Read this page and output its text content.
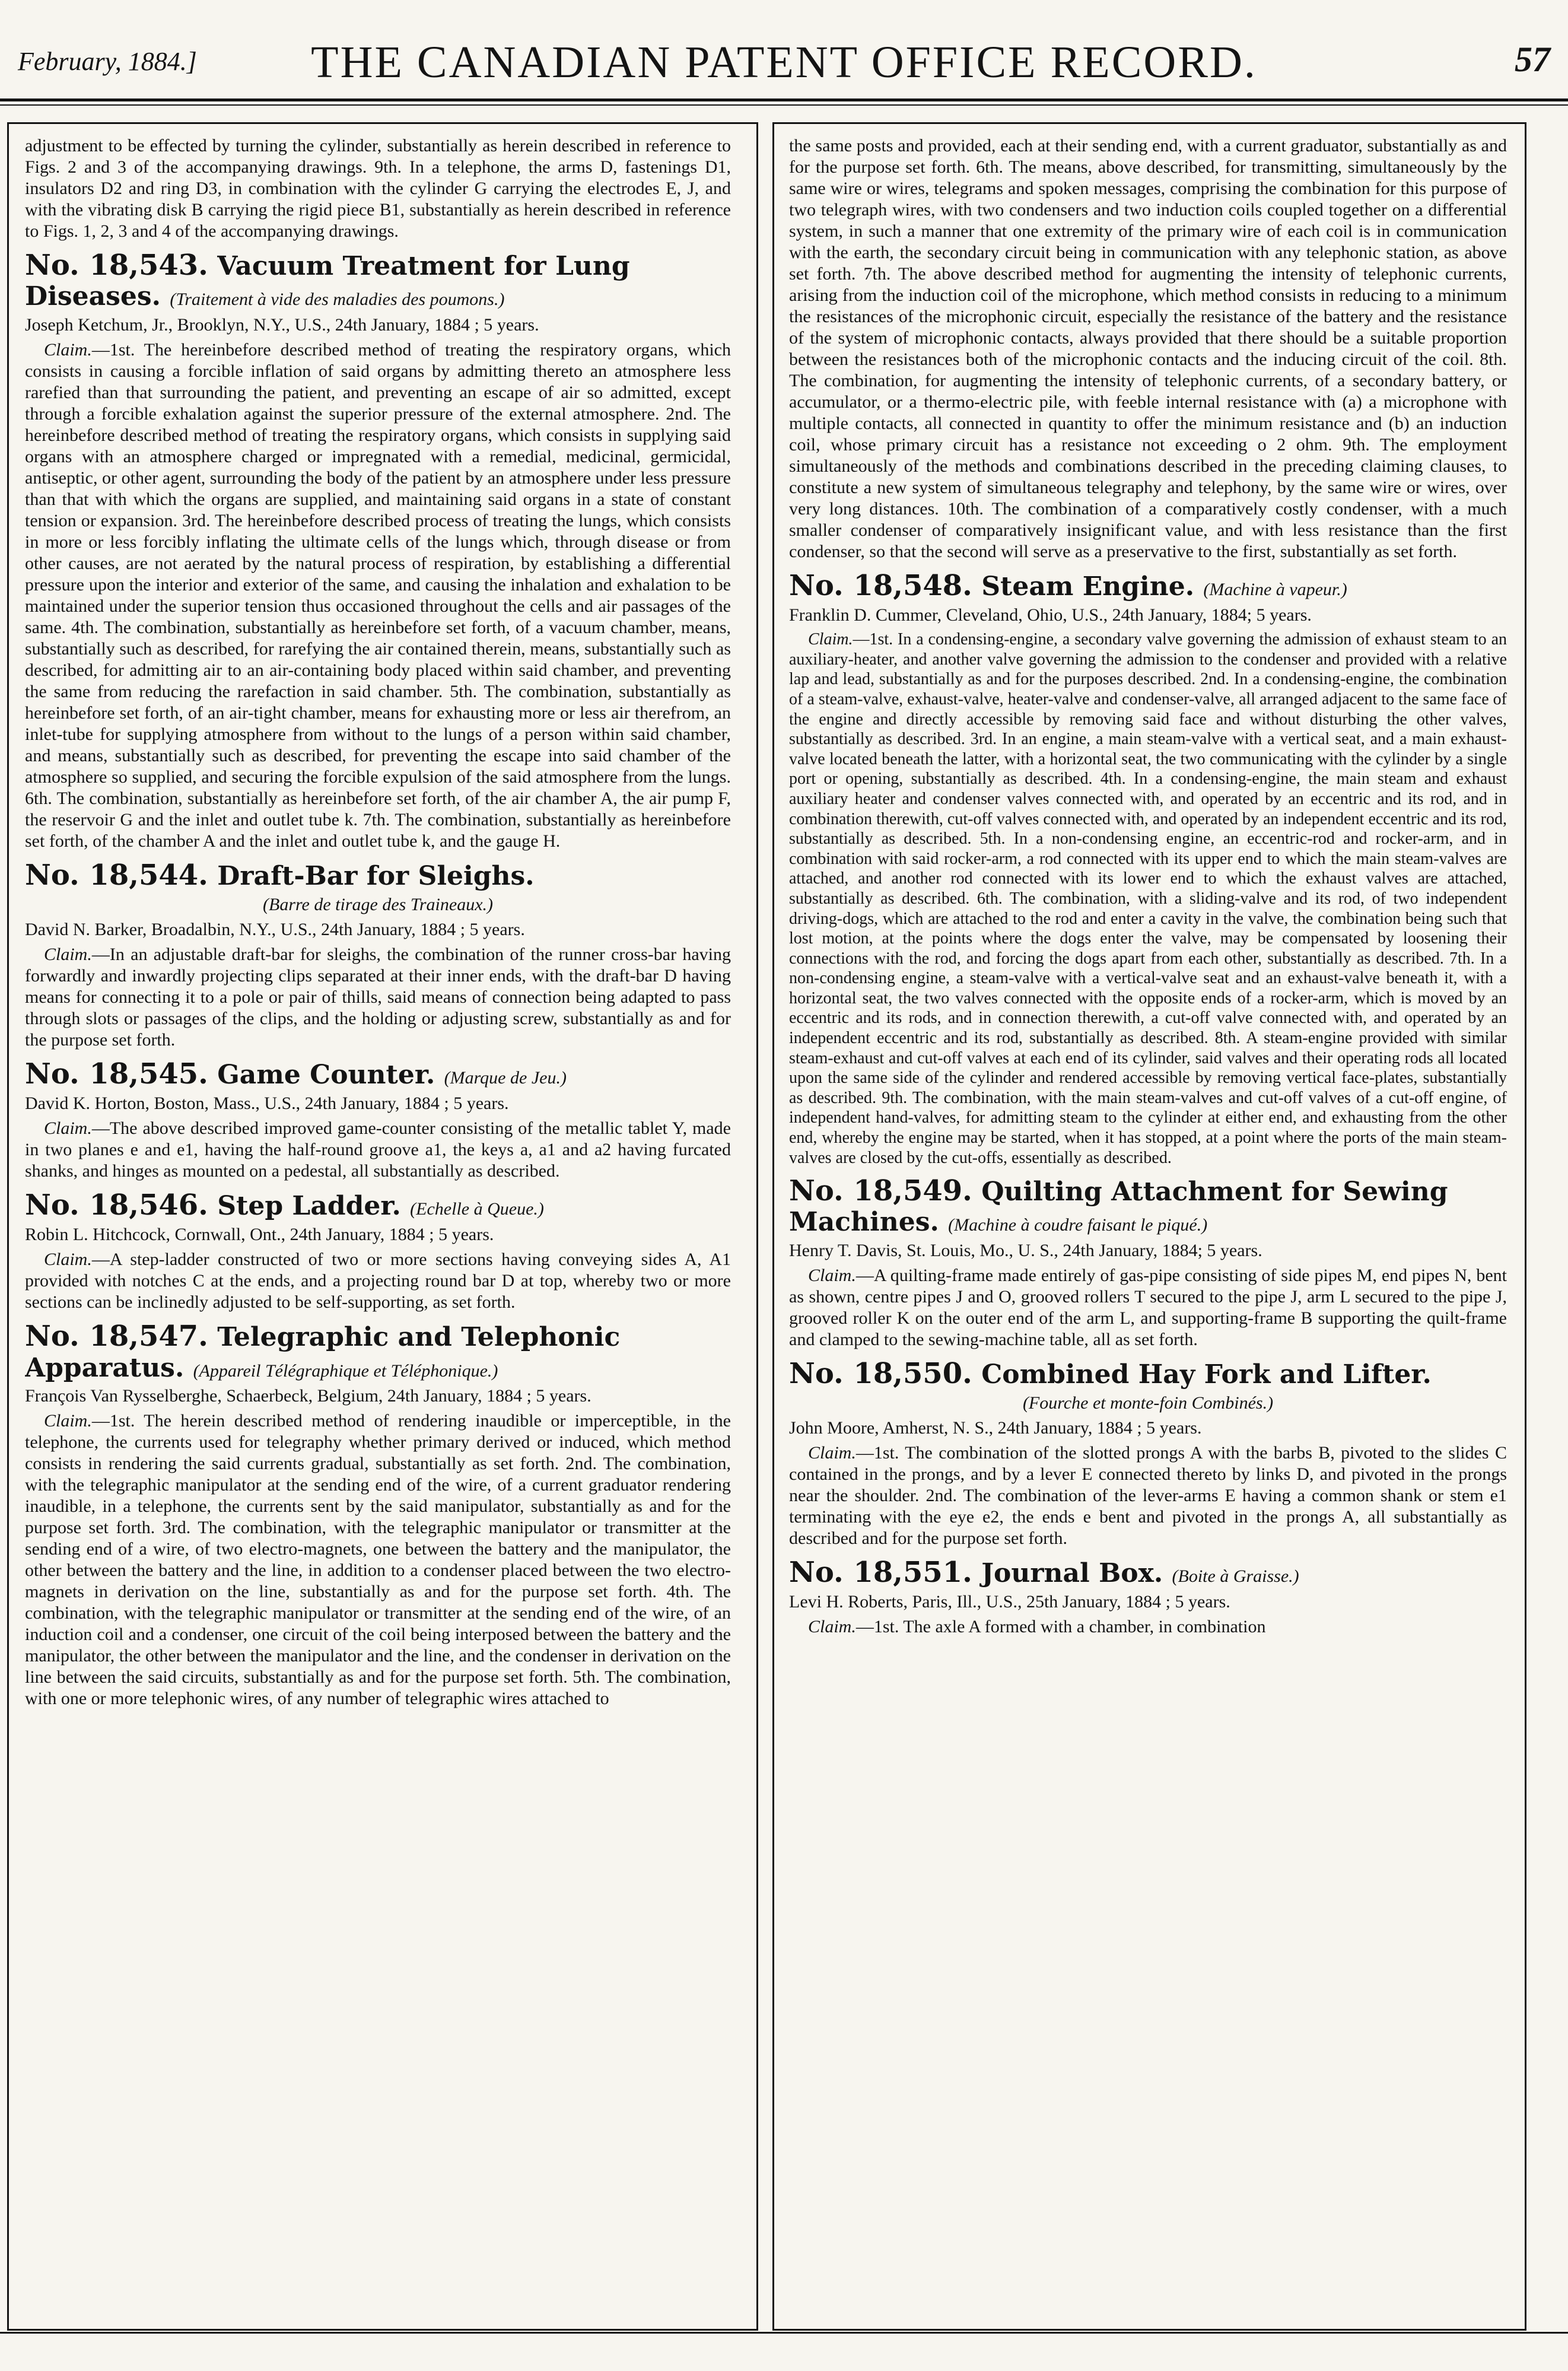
February, 1884.]	THE CANADIAN PATENT OFFICE RECORD.	57

adjustment to be effected by turning the cylinder, substantially as herein described in reference to Figs. 2 and 3 of the accompanying drawings. 9th. In a telephone, the arms D, fastenings D1, insulators D2 and ring D3, in combination with the cylinder G carrying the electrodes E, J, and with the vibrating disk B carrying the rigid piece B1, substantially as herein described in reference to Figs. 1, 2, 3 and 4 of the accompanying drawings.

No. 18,543. Vacuum Treatment for Lung Diseases. (Traitement à vide des maladies des poumons.)

Joseph Ketchum, Jr., Brooklyn, N.Y., U.S., 24th January, 1884 ; 5 years.

Claim.—1st. The hereinbefore described method of treating the respiratory organs, which consists in causing a forcible inflation of said organs by admitting thereto an atmosphere less rarefied than that surrounding the patient, and preventing an escape of air so admitted, except through a forcible exhalation against the superior pressure of the external atmosphere. 2nd. The hereinbefore described method of treating the respiratory organs, which consists in supplying said organs with an atmosphere charged or impregnated with a remedial, medicinal, germicidal, antiseptic, or other agent, surrounding the body of the patient by an atmosphere under less pressure than that with which the organs are supplied, and maintaining said organs in a state of constant tension or expansion. 3rd. The hereinbefore described process of treating the lungs, which consists in more or less forcibly inflating the ultimate cells of the lungs which, through disease or from other causes, are not aerated by the natural process of respiration, by establishing a differential pressure upon the interior and exterior of the same, and causing the inhalation and exhalation to be maintained under the superior tension thus occasioned throughout the cells and air passages of the same. 4th. The combination, substantially as hereinbefore set forth, of a vacuum chamber, means, substantially such as described, for rarefying the air contained therein, means, substantially such as described, for admitting air to an air-containing body placed within said chamber, and preventing the same from reducing the rarefaction in said chamber. 5th. The combination, substantially as hereinbefore set forth, of an air-tight chamber, means for exhausting more or less air therefrom, an inlet-tube for supplying atmosphere from without to the lungs of a person within said chamber, and means, substantially such as described, for preventing the escape into said chamber of the atmosphere so supplied, and securing the forcible expulsion of the said atmosphere from the lungs. 6th. The combination, substantially as hereinbefore set forth, of the air chamber A, the air pump F, the reservoir G and the inlet and outlet tube k. 7th. The combination, substantially as hereinbefore set forth, of the chamber A and the inlet and outlet tube k, and the gauge H.

No. 18,544. Draft-Bar for Sleighs.
(Barre de tirage des Traineaux.)

David N. Barker, Broadalbin, N.Y., U.S., 24th January, 1884 ; 5 years.

Claim.—In an adjustable draft-bar for sleighs, the combination of the runner cross-bar having forwardly and inwardly projecting clips separated at their inner ends, with the draft-bar D having means for connecting it to a pole or pair of thills, said means of connection being adapted to pass through slots or passages of the clips, and the holding or adjusting screw, substantially as and for the purpose set forth.

No. 18,545. Game Counter. (Marque de Jeu.)

David K. Horton, Boston, Mass., U.S., 24th January, 1884 ; 5 years.

Claim.—The above described improved game-counter consisting of the metallic tablet Y, made in two planes e and e1, having the half-round groove a1, the keys a, a1 and a2 having furcated shanks, and hinges as mounted on a pedestal, all substantially as described.

No. 18,546. Step Ladder. (Echelle à Queue.)

Robin L. Hitchcock, Cornwall, Ont., 24th January, 1884 ; 5 years.

Claim.—A step-ladder constructed of two or more sections having conveying sides A, A1 provided with notches C at the ends, and a projecting round bar D at top, whereby two or more sections can be inclinedly adjusted to be self-supporting, as set forth.

No. 18,547. Telegraphic and Telephonic Apparatus. (Appareil Télégraphique et Téléphonique.)

François Van Rysselberghe, Schaerbeck, Belgium, 24th January, 1884 ; 5 years.

Claim.—1st. The herein described method of rendering inaudible or imperceptible, in the telephone, the currents used for telegraphy whether primary derived or induced, which method consists in rendering the said currents gradual, substantially as set forth. 2nd. The combination, with the telegraphic manipulator at the sending end of the wire, of a current graduator rendering inaudible, in a telephone, the currents sent by the said manipulator, substantially as and for the purpose set forth. 3rd. The combination, with the telegraphic manipulator or transmitter at the sending end of a wire, of two electro-magnets, one between the battery and the manipulator, the other between the battery and the line, in addition to a condenser placed between the two electro-magnets in derivation on the line, substantially as and for the purpose set forth. 4th. The combination, with the telegraphic manipulator or transmitter at the sending end of the wire, of an induction coil and a condenser, one circuit of the coil being interposed between the battery and the manipulator, the other between the manipulator and the line, and the condenser in derivation on the line between the said circuits, substantially as and for the purpose set forth. 5th. The combination, with one or more telephonic wires, of any number of telegraphic wires attached to

the same posts and provided, each at their sending end, with a current graduator, substantially as and for the purpose set forth. 6th. The means, above described, for transmitting, simultaneously by the same wire or wires, telegrams and spoken messages, comprising the combination for this purpose of two telegraph wires, with two condensers and two induction coils coupled together on a differential system, in such a manner that one extremity of the primary wire of each coil is in communication with the earth, the secondary circuit being in communication with any telephonic station, as above set forth. 7th. The above described method for augmenting the intensity of telephonic currents, arising from the induction coil of the microphone, which method consists in reducing to a minimum the resistances of the microphonic circuit, especially the resistance of the battery and the resistance of the system of microphonic contacts, always provided that there should be a suitable proportion between the resistances both of the microphonic contacts and the inducing circuit of the coil. 8th. The combination, for augmenting the intensity of telephonic currents, of a secondary battery, or accumulator, or a thermo-electric pile, with feeble internal resistance with (a) a microphone with multiple contacts, all connected in quantity to offer the minimum resistance and (b) an induction coil, whose primary circuit has a resistance not exceeding o 2 ohm. 9th. The employment simultaneously of the methods and combinations described in the preceding claiming clauses, to constitute a new system of simultaneous telegraphy and telephony, by the same wire or wires, over very long distances. 10th. The combination of a comparatively costly condenser, with a much smaller condenser of comparatively insignificant value, and with less resistance than the first condenser, so that the second will serve as a preservative to the first, substantially as set forth.

No. 18,548. Steam Engine. (Machine à vapeur.)

Franklin D. Cummer, Cleveland, Ohio, U.S., 24th January, 1884; 5 years.

Claim.—1st. In a condensing-engine, a secondary valve governing the admission of exhaust steam to an auxiliary-heater, and another valve governing the admission to the condenser and provided with a relative lap and lead, substantially as and for the purposes described. 2nd. In a condensing-engine, the combination of a steam-valve, exhaust-valve, heater-valve and condenser-valve, all arranged adjacent to the same face of the engine and directly accessible by removing said face and without disturbing the other valves, substantially as described. 3rd. In an engine, a main steam-valve with a vertical seat, and a main exhaust-valve located beneath the latter, with a horizontal seat, the two communicating with the cylinder by a single port or opening, substantially as described. 4th. In a condensing-engine, the main steam and exhaust auxiliary heater and condenser valves connected with, and operated by an eccentric and its rod, and in combination therewith, cut-off valves connected with, and operated by an independent eccentric and its rod, substantially as described. 5th. In a non-condensing engine, an eccentric-rod and rocker-arm, and in combination with said rocker-arm, a rod connected with its upper end to which the main steam-valves are attached, and another rod connected with its lower end to which the exhaust valves are attached, substantially as described. 6th. The combination, with a sliding-valve and its rod, of two independent driving-dogs, which are attached to the rod and enter a cavity in the valve, the combination being such that lost motion, at the points where the dogs enter the valve, may be compensated by loosening their connections with the rod, and forcing the dogs apart from each other, substantially as described. 7th. In a non-condensing engine, a steam-valve with a vertical-valve seat and an exhaust-valve beneath it, with a horizontal seat, the two valves connected with the opposite ends of a rocker-arm, which is moved by an eccentric and its rods, and in connection therewith, a cut-off valve connected with, and operated by an independent eccentric and its rod, substantially as described. 8th. A steam-engine provided with similar steam-exhaust and cut-off valves at each end of its cylinder, said valves and their operating rods all located upon the same side of the cylinder and rendered accessible by removing vertical face-plates, substantially as described. 9th. The combination, with the main steam-valves and cut-off valves of a cut-off engine, of independent hand-valves, for admitting steam to the cylinder at either end, and exhausting from the other end, whereby the engine may be started, when it has stopped, at a point where the ports of the main steam-valves are closed by the cut-offs, essentially as described.

No. 18,549. Quilting Attachment for Sewing Machines. (Machine à coudre faisant le piqué.)

Henry T. Davis, St. Louis, Mo., U. S., 24th January, 1884; 5 years.

Claim.—A quilting-frame made entirely of gas-pipe consisting of side pipes M, end pipes N, bent as shown, centre pipes J and O, grooved rollers T secured to the pipe J, arm L secured to the pipe J, grooved roller K on the outer end of the arm L, and supporting-frame B supporting the quilt-frame and clamped to the sewing-machine table, all as set forth.

No. 18,550. Combined Hay Fork and Lifter.
(Fourche et monte-foin Combinés.)

John Moore, Amherst, N. S., 24th January, 1884 ; 5 years.

Claim.—1st. The combination of the slotted prongs A with the barbs B, pivoted to the slides C contained in the prongs, and by a lever E connected thereto by links D, and pivoted in the prongs near the shoulder. 2nd. The combination of the lever-arms E having a common shank or stem e1 terminating with the eye e2, the ends e bent and pivoted in the prongs A, all substantially as described and for the purpose set forth.

No. 18,551. Journal Box. (Boite à Graisse.)

Levi H. Roberts, Paris, Ill., U.S., 25th January, 1884 ; 5 years.

Claim.—1st. The axle A formed with a chamber, in combination
